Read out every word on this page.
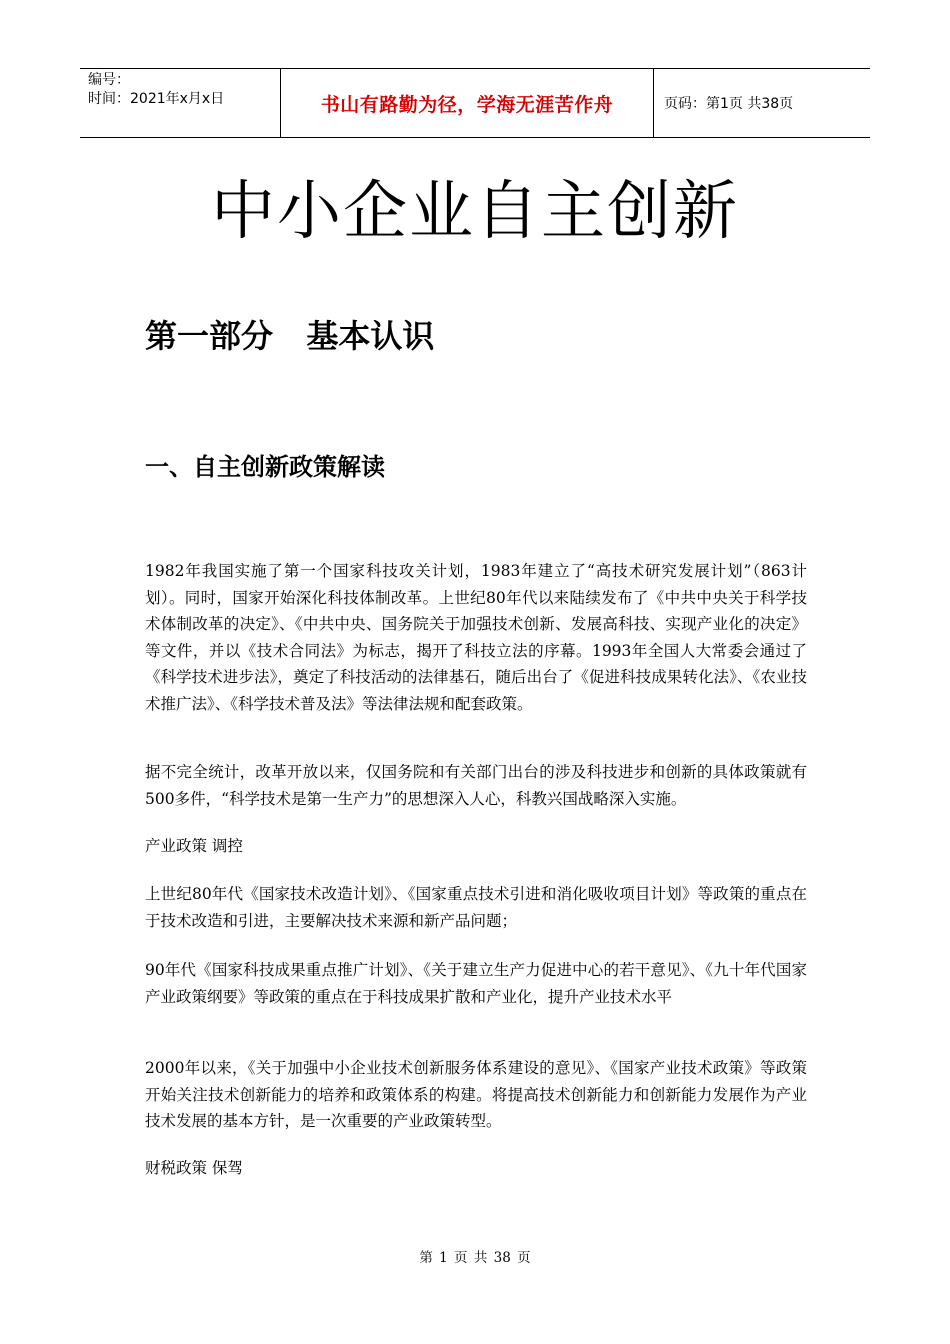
编号：
时间：2021年x月x日	书山有路勤为径，学海无涯苦作舟	页码：第1页 共38页
中小企业自主创新
第一部分   基本认识
一、自主创新政策解读

1982年我国实施了第一个国家科技攻关计划，1983年建立了“高技术研究发展计划”（863计划）。同时，国家开始深化科技体制改革。上世纪80年代以来陆续发布了《中共中央关于科学技术体制改革的决定》、《中共中央、国务院关于加强技术创新、发展高科技、实现产业化的决定》等文件，并以《技术合同法》为标志，揭开了科技立法的序幕。1993年全国人大常委会通过了《科学技术进步法》，奠定了科技活动的法律基石，随后出台了《促进科技成果转化法》、《农业技术推广法》、《科学技术普及法》等法律法规和配套政策。

据不完全统计，改革开放以来，仅国务院和有关部门出台的涉及科技进步和创新的具体政策就有500多件，“科学技术是第一生产力”的思想深入人心，科教兴国战略深入实施。

产业政策 调控

上世纪80年代《国家技术改造计划》、《国家重点技术引进和消化吸收项目计划》等政策的重点在于技术改造和引进，主要解决技术来源和新产品问题；

90年代《国家科技成果重点推广计划》、《关于建立生产力促进中心的若干意见》、《九十年代国家产业政策纲要》等政策的重点在于科技成果扩散和产业化，提升产业技术水平

2000年以来，《关于加强中小企业技术创新服务体系建设的意见》、《国家产业技术政策》等政策开始关注技术创新能力的培养和政策体系的构建。将提高技术创新能力和创新能力发展作为产业技术发展的基本方针，是一次重要的产业政策转型。

财税政策 保驾

第 1 页 共 38 页
